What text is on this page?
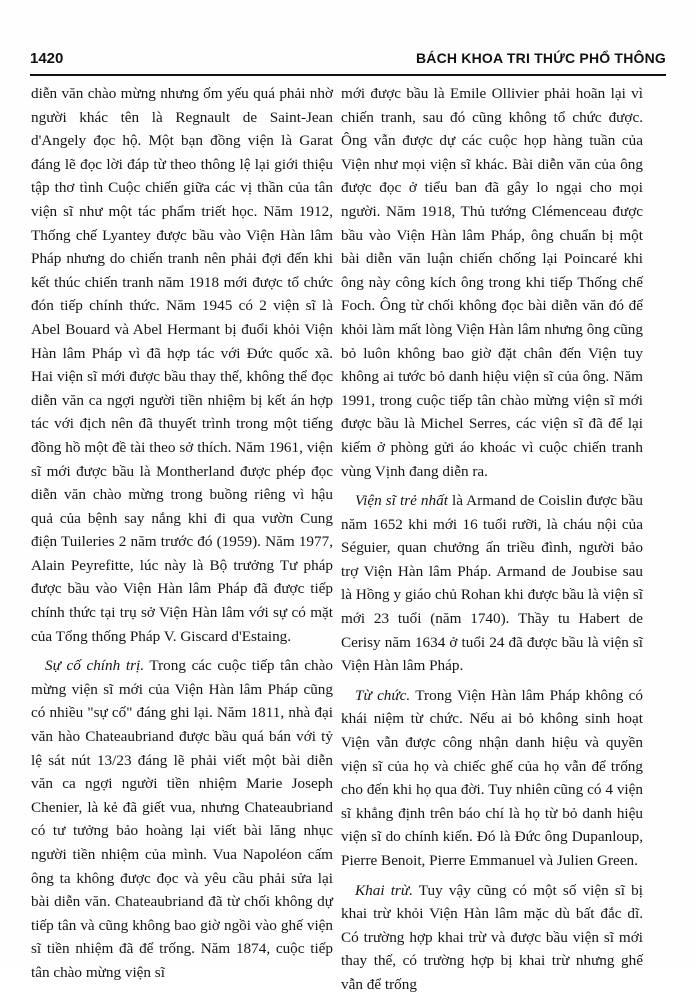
1420	BÁCH KHOA TRI THỨC PHỔ THÔNG

diễn văn chào mừng nhưng ốm yếu quá phải nhờ người khác tên là Regnault de Saint-Jean d'Angely đọc hộ. Một bạn đồng viện là Garat đáng lẽ đọc lời đáp từ theo thông lệ lại giới thiệu tập thơ tình Cuộc chiến giữa các vị thần của tân viện sĩ như một tác phẩm triết học. Năm 1912, Thống chế Lyantey được bầu vào Viện Hàn lâm Pháp nhưng do chiến tranh nên phải đợi đến khi kết thúc chiến tranh năm 1918 mới được tổ chức đón tiếp chính thức. Năm 1945 có 2 viện sĩ là Abel Bouard và Abel Hermant bị đuổi khỏi Viện Hàn lâm Pháp vì đã hợp tác với Đức quốc xã. Hai viện sĩ mới được bầu thay thế, không thể đọc diễn văn ca ngợi người tiền nhiệm bị kết án hợp tác với địch nên đã thuyết trình trong một tiếng đồng hồ một đề tài theo sở thích. Năm 1961, viện sĩ mới được bầu là Montherland được phép đọc diễn văn chào mừng trong buồng riêng vì hậu quả của bệnh say nắng khi đi qua vườn Cung điện Tuileries 2 năm trước đó (1959). Năm 1977, Alain Peyrefitte, lúc này là Bộ trưởng Tư pháp được bầu vào Viện Hàn lâm Pháp đã được tiếp chính thức tại trụ sở Viện Hàn lâm với sự có mặt của Tổng thống Pháp V. Giscard d'Estaing.

Sự cố chính trị. Trong các cuộc tiếp tân chào mừng viện sĩ mới của Viện Hàn lâm Pháp cũng có nhiều "sự cố" đáng ghi lại. Năm 1811, nhà đại văn hào Chateaubriand được bầu quá bán với tỷ lệ sát nút 13/23 đáng lẽ phải viết một bài diễn văn ca ngợi người tiền nhiệm Marie Joseph Chenier, là kẻ đã giết vua, nhưng Chateaubriand có tư tưởng bảo hoàng lại viết bài lăng nhục người tiền nhiệm của mình. Vua Napoléon cấm ông ta không được đọc và yêu cầu phải sửa lại bài diễn văn. Chateaubriand đã từ chối không dự tiếp tân và cũng không bao giờ ngồi vào ghế viện sĩ tiền nhiệm đã để trống. Năm 1874, cuộc tiếp tân chào mừng viện sĩ

mới được bầu là Emile Ollivier phải hoãn lại vì chiến tranh, sau đó cũng không tổ chức được. Ông vẫn được dự các cuộc họp hàng tuần của Viện như mọi viện sĩ khác. Bài diễn văn của ông được đọc ở tiểu ban đã gây lo ngại cho mọi người. Năm 1918, Thủ tướng Clémenceau được bầu vào Viện Hàn lâm Pháp, ông chuẩn bị một bài diễn văn luận chiến chống lại Poincaré khi ông này công kích ông trong khi tiếp Thống chế Foch. Ông từ chối không đọc bài diễn văn đó để khỏi làm mất lòng Viện Hàn lâm nhưng ông cũng bỏ luôn không bao giờ đặt chân đến Viện tuy không ai tước bỏ danh hiệu viện sĩ của ông. Năm 1991, trong cuộc tiếp tân chào mừng viện sĩ mới được bầu là Michel Serres, các viện sĩ đã để lại kiếm ở phòng gửi áo khoác vì cuộc chiến tranh vùng Vịnh đang diễn ra.

Viện sĩ trẻ nhất là Armand de Coislin được bầu năm 1652 khi mới 16 tuổi rưỡi, là cháu nội của Séguier, quan chưởng ấn triều đình, người bảo trợ Viện Hàn lâm Pháp. Armand de Joubise sau là Hồng y giáo chủ Rohan khi được bầu là viện sĩ mới 23 tuổi (năm 1740). Thầy tu Habert de Cerisy năm 1634 ở tuổi 24 đã được bầu là viện sĩ Viện Hàn lâm Pháp.

Từ chức. Trong Viện Hàn lâm Pháp không có khái niệm từ chức. Nếu ai bỏ không sinh hoạt Viện vẫn được công nhận danh hiệu và quyền viện sĩ của họ và chiếc ghế của họ vẫn để trống cho đến khi họ qua đời. Tuy nhiên cũng có 4 viện sĩ khẳng định trên báo chí là họ từ bỏ danh hiệu viện sĩ do chính kiến. Đó là Đức ông Dupanloup, Pierre Benoit, Pierre Emmanuel và Julien Green.

Khai trừ. Tuy vậy cũng có một số viện sĩ bị khai trừ khỏi Viện Hàn lâm mặc dù bất đắc dĩ. Có trường hợp khai trừ và được bầu viện sĩ mới thay thế, có trường hợp bị khai trừ nhưng ghế vẫn để trống
